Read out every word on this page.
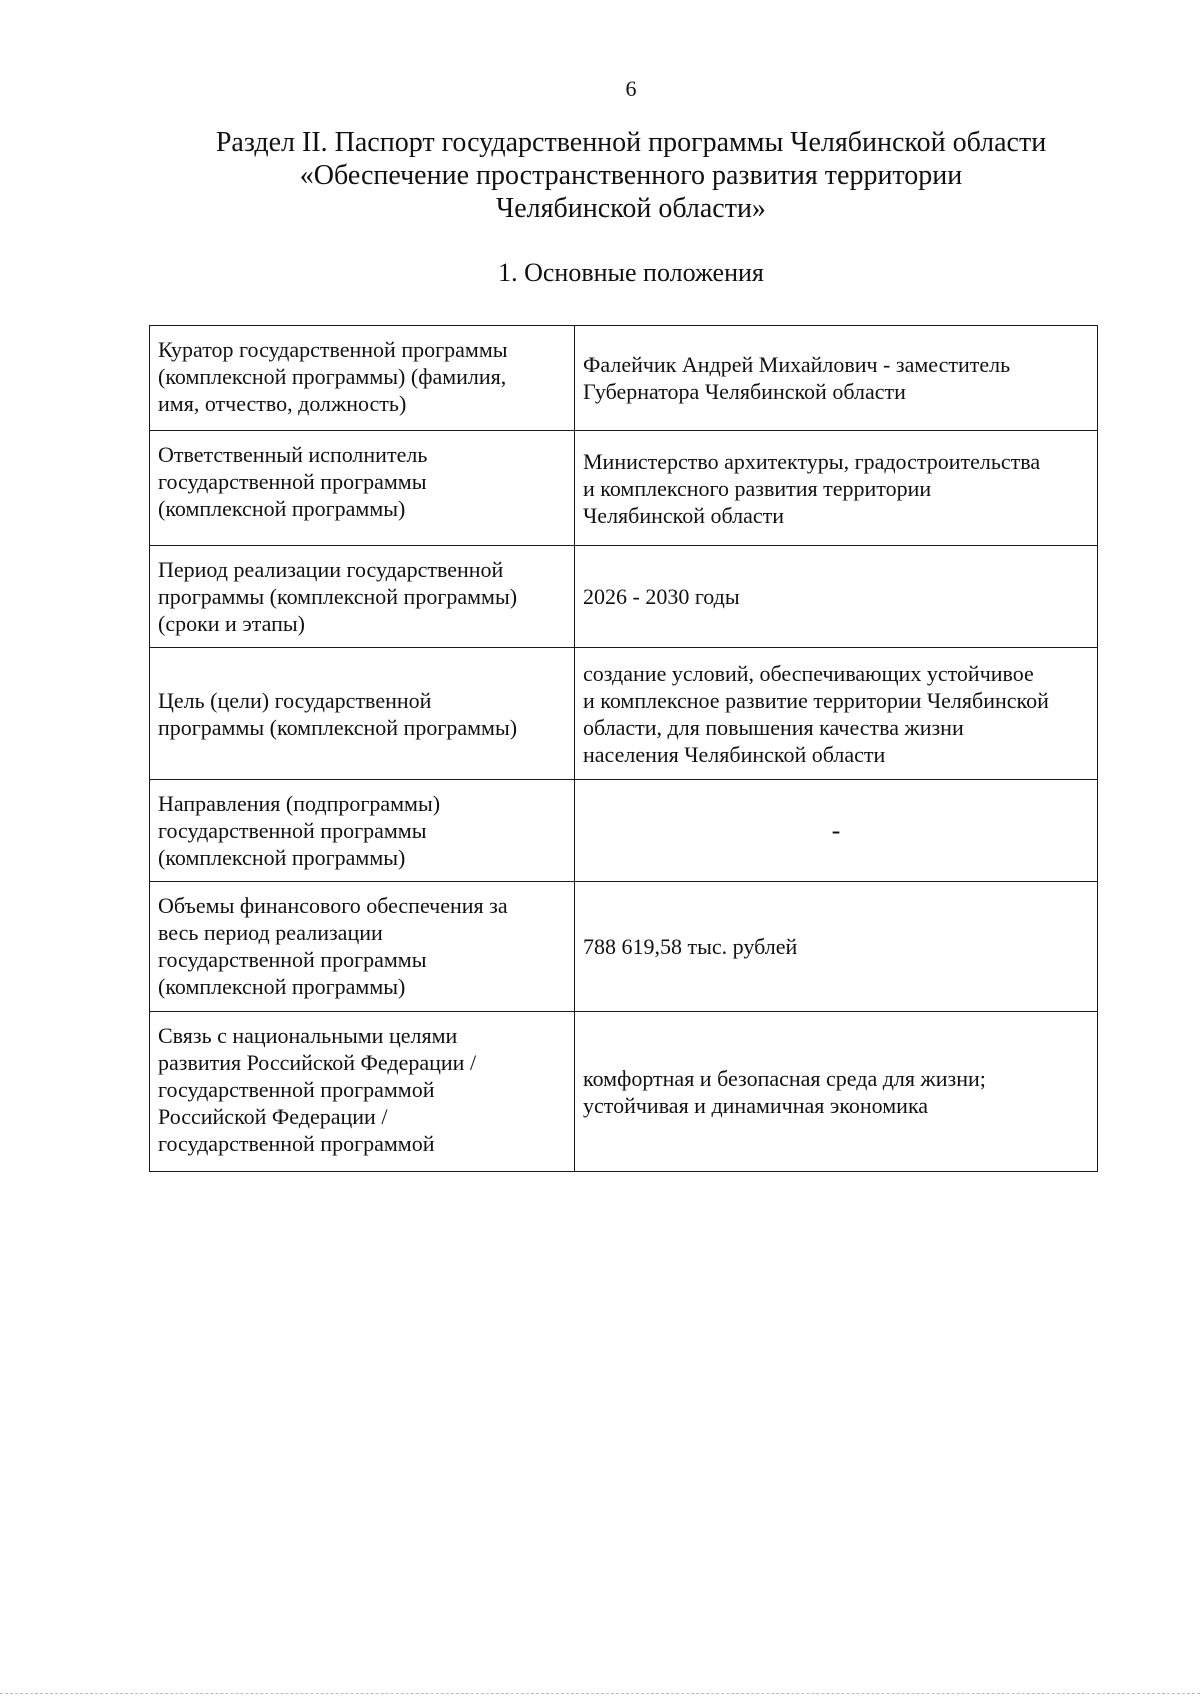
6
Раздел II. Паспорт государственной программы Челябинской области
«Обеспечение пространственного развития территории
Челябинской области»
1. Основные положения
Куратор государственной программы
(комплексной программы) (фамилия,
имя, отчество, должность)	Фалейчик Андрей Михайлович - заместитель
Губернатора Челябинской области

Ответственный исполнитель
государственной программы
(комплексной программы)	Министерство архитектуры, градостроительства
и комплексного развития территории
Челябинской области

Период реализации государственной
программы (комплексной программы)
(сроки и этапы)	2026 - 2030 годы

Цель (цели) государственной
программы (комплексной программы)	создание условий, обеспечивающих устойчивое
и комплексное развитие территории Челябинской
области, для повышения качества жизни
населения Челябинской области

Направления (подпрограммы)
государственной программы
(комплексной программы)	-

Объемы финансового обеспечения за
весь период реализации
государственной программы
(комплексной программы)	788 619,58 тыс. рублей

Связь с национальными целями
развития Российской Федерации /
государственной программой
Российской Федерации /
государственной программой	комфортная и безопасная среда для жизни;
устойчивая и динамичная экономика
